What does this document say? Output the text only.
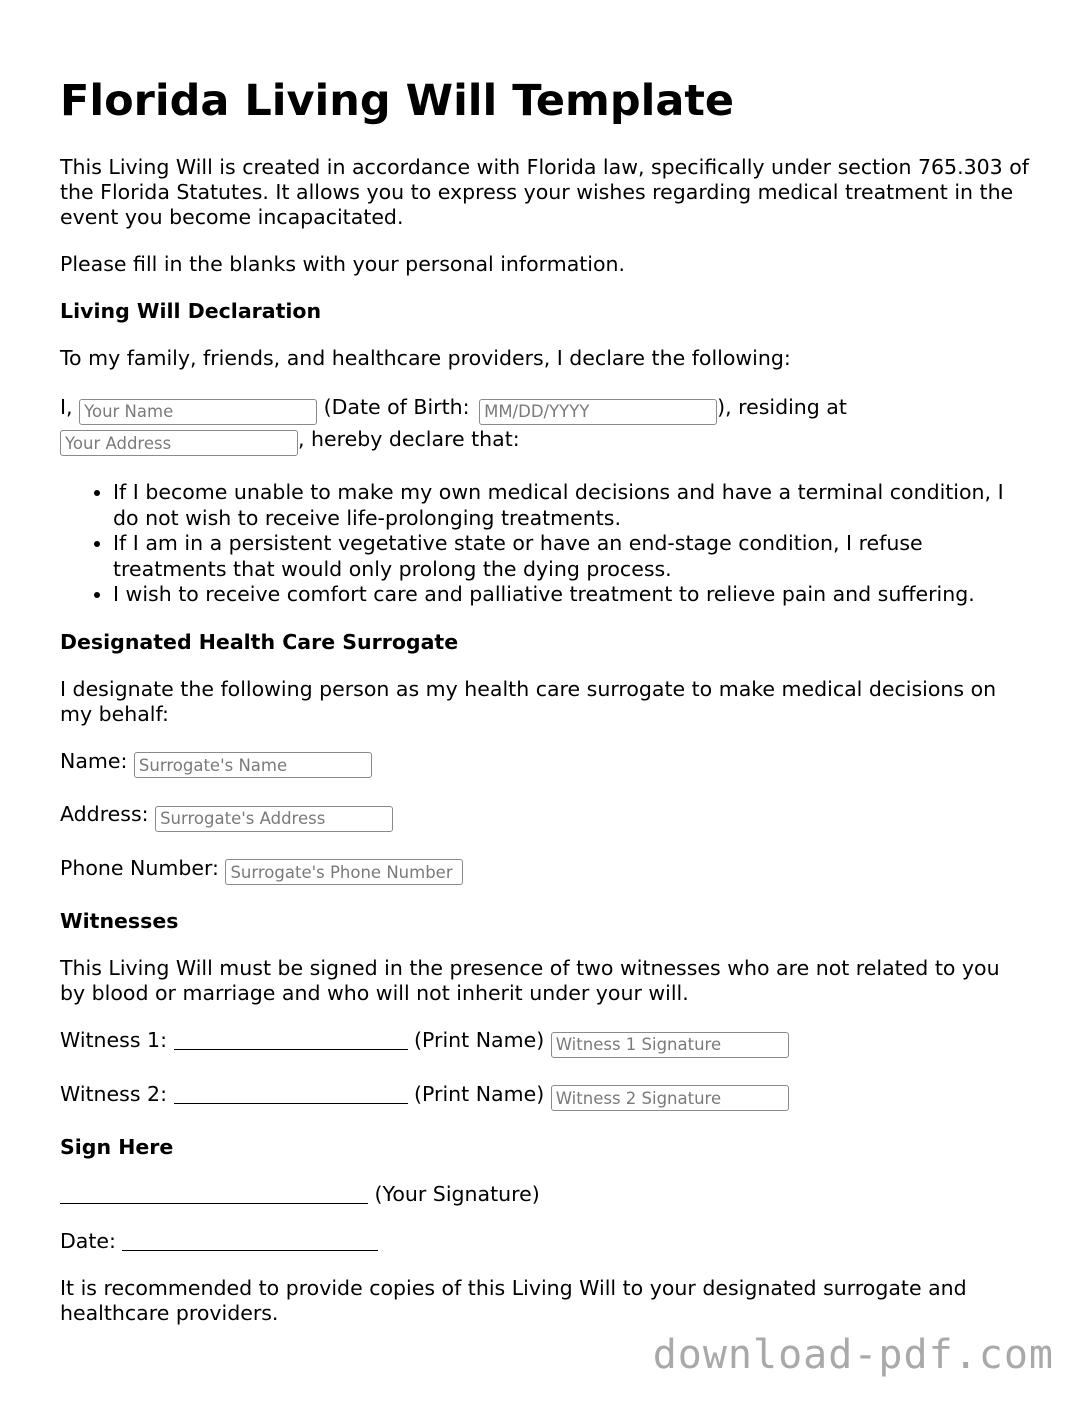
Florida Living Will Template

This Living Will is created in accordance with Florida law, specifically under section 765.303 of the Florida Statutes. It allows you to express your wishes regarding medical treatment in the event you become incapacitated.

Please fill in the blanks with your personal information.

Living Will Declaration

To my family, friends, and healthcare providers, I declare the following:

I, Your Name	(Date of Birth: MM/DD/YYYY	), residing at
Your Address, hereby declare that:

• If I become unable to make my own medical decisions and have a terminal condition, I do not wish to receive life-prolonging treatments.
• If I am in a persistent vegetative state or have an end-stage condition, I refuse treatments that would only prolong the dying process.
• I wish to receive comfort care and palliative treatment to relieve pain and suffering.
Designated Health Care Surrogate

I designate the following person as my health care surrogate to make medical decisions on my behalf:

Name: Surrogate's Name

Address: Surrogate's Address

Phone Number: Surrogate's Phone Number

Witnesses

This Living Will must be signed in the presence of two witnesses who are not related to you by blood or marriage and who will not inherit under your will.

Witness 1:	(Print Name) Witness 1 Signature

Witness 2:	(Print Name) Witness 2 Signature

Sign Here

(Your Signature)

Date:

It is recommended to provide copies of this Living Will to your designated surrogate and healthcare providers.

download-pdf.com
